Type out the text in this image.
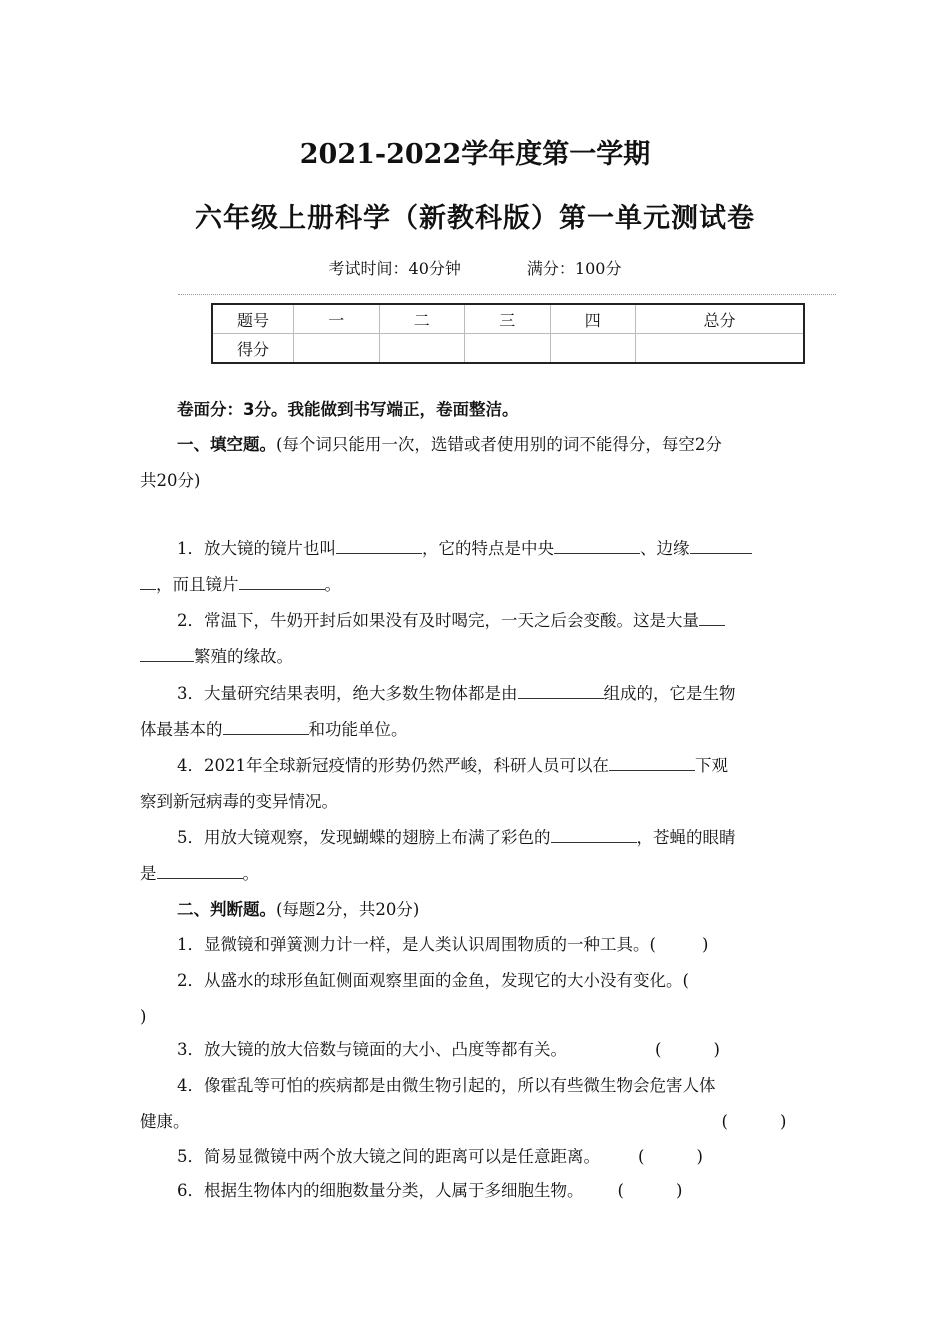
2021-2022学年度第一学期
六年级上册科学（新教科版）第一单元测试卷
考试时间：40分钟	满分：100分
题号	一	二	三	四	总分
得分					
卷面分：3分。我能做到书写端正，卷面整洁。
一、填空题。(每个词只能用一次，选错或者使用别的词不能得分，每空2分
共20分)
1．放大镜的镜片也叫	，它的特点是中央	、边缘
，而且镜片	。
2．常温下，牛奶开封后如果没有及时喝完，一天之后会变酸。这是大量
繁殖的缘故。
3．大量研究结果表明，绝大多数生物体都是由	组成的，它是生物
体最基本的	和功能单位。
4．2021年全球新冠疫情的形势仍然严峻，科研人员可以在	下观
察到新冠病毒的变异情况。
5．用放大镜观察，发现蝴蝶的翅膀上布满了彩色的	，苍蝇的眼睛
是	。
二、判断题。(每题2分，共20分)
1．显微镜和弹簧测力计一样，是人类认识周围物质的一种工具。(	)
2．从盛水的球形鱼缸侧面观察里面的金鱼，发现它的大小没有变化。(
)
3．放大镜的放大倍数与镜面的大小、凸度等都有关。	(	)
4．像霍乱等可怕的疾病都是由微生物引起的，所以有些微生物会危害人体
健康。	(	)
5．简易显微镜中两个放大镜之间的距离可以是任意距离。 (	)
6．根据生物体内的细胞数量分类，人属于多细胞生物。 (	)
